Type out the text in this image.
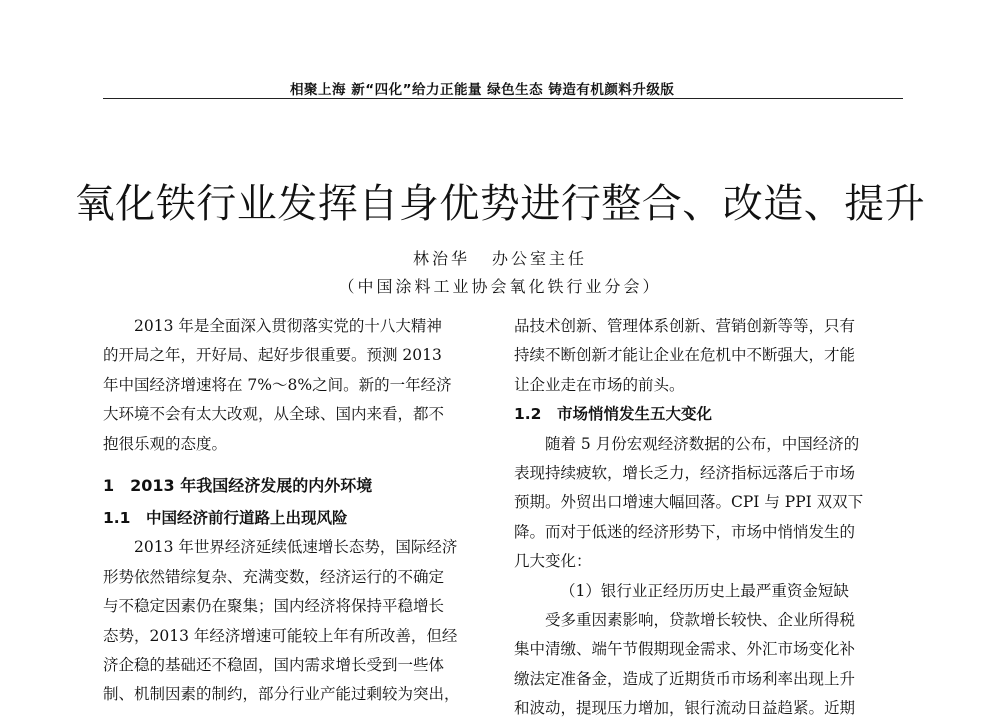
相聚上海 新“四化”给力正能量 绿色生态 铸造有机颜料升级版
氧化铁行业发挥自身优势进行整合、改造、提升
林治华 办公室主任
（中国涂料工业协会氧化铁行业分会）
2013 年是全面深入贯彻落实党的十八大精神
的开局之年，开好局、起好步很重要。预测 2013
年中国经济增速将在 7%～8%之间。新的一年经济
大环境不会有太大改观，从全球、国内来看，都不
抱很乐观的态度。
1　2013 年我国经济发展的内外环境
1.1　中国经济前行道路上出现风险
2013 年世界经济延续低速增长态势，国际经济
形势依然错综复杂、充满变数，经济运行的不确定
与不稳定因素仍在聚集；国内经济将保持平稳增长
态势，2013 年经济增速可能较上年有所改善，但经
济企稳的基础还不稳固，国内需求增长受到一些体
制、机制因素的制约，部分行业产能过剩较为突出，
品技术创新、管理体系创新、营销创新等等，只有
持续不断创新才能让企业在危机中不断强大，才能
让企业走在市场的前头。
1.2　市场悄悄发生五大变化
随着 5 月份宏观经济数据的公布，中国经济的
表现持续疲软，增长乏力，经济指标远落后于市场
预期。外贸出口增速大幅回落。CPI 与 PPI 双双下
降。而对于低迷的经济形势下，市场中悄悄发生的
几大变化：
（1）银行业正经历历史上最严重资金短缺
受多重因素影响，贷款增长较快、企业所得税
集中清缴、端午节假期现金需求、外汇市场变化补
缴法定准备金，造成了近期货币市场利率出现上升
和波动，提现压力增加，银行流动日益趋紧。近期
